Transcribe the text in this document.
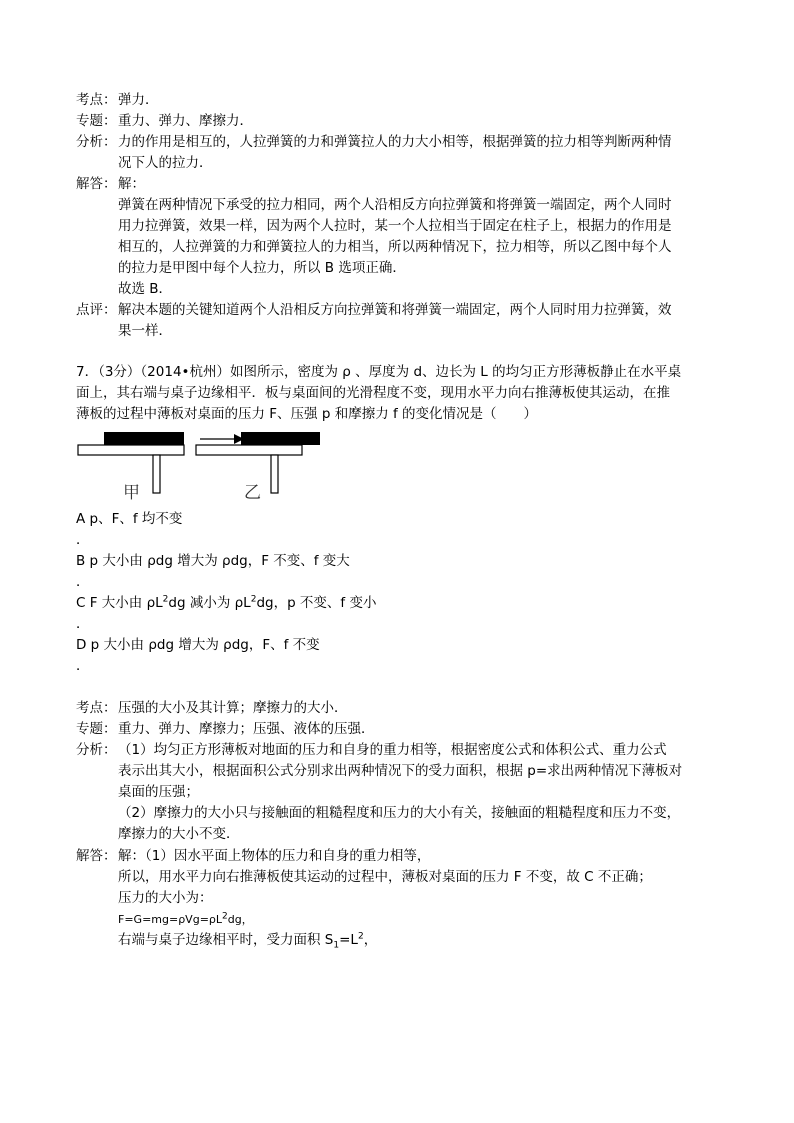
考点： 弹力．
专题： 重力、弹力、摩擦力．
分析： 力的作用是相互的，人拉弹簧的力和弹簧拉人的力大小相等，根据弹簧的拉力相等判断两种情
况下人的拉力．
解答： 解：
弹簧在两种情况下承受的拉力相同，两个人沿相反方向拉弹簧和将弹簧一端固定，两个人同时
用力拉弹簧，效果一样，因为两个人拉时，某一个人拉相当于固定在柱子上，根据力的作用是
相互的，人拉弹簧的力和弹簧拉人的力相当，所以两种情况下，拉力相等，所以乙图中每个人
的拉力是甲图中每个人拉力，所以 B 选项正确．
故选 B．
点评： 解决本题的关键知道两个人沿相反方向拉弹簧和将弹簧一端固定，两个人同时用力拉弹簧，效
果一样．
7．（3分）（2014•杭州）如图所示，密度为 ρ 、厚度为 d、边长为 L 的均匀正方形薄板静止在水平桌
面上，其右端与桌子边缘相平．板与桌面间的光滑程度不变，现用水平力向右推薄板使其运动，在推
薄板的过程中薄板对桌面的压力 F、压强 p 和摩擦力 f 的变化情况是（　　）
甲	乙
A p、F、f 均不变
．
B p 大小由 ρdg 增大为 ρdg，F 不变、f 变大
．
C F 大小由 $\rho L^2dg$ 减小为 $\rho L^2dg$，p 不变、f 变小
．
D p 大小由 ρdg 增大为 ρdg，F、f 不变
．
考点： 压强的大小及其计算；摩擦力的大小．
专题： 重力、弹力、摩擦力；压强、液体的压强．
分析： （1）均匀正方形薄板对地面的压力和自身的重力相等，根据密度公式和体积公式、重力公式
表示出其大小，根据面积公式分别求出两种情况下的受力面积，根据 p=求出两种情况下薄板对
桌面的压强；
（2）摩擦力的大小只与接触面的粗糙程度和压力的大小有关，接触面的粗糙程度和压力不变，
摩擦力的大小不变．
解答： 解：（1）因水平面上物体的压力和自身的重力相等，
所以，用水平力向右推薄板使其运动的过程中，薄板对桌面的压力 F 不变，故 C 不正确；
压力的大小为：
$F=G=mg=\rho Vg=\rho L^2dg$，
右端与桌子边缘相平时，受力面积 $S_1=L^2$，
